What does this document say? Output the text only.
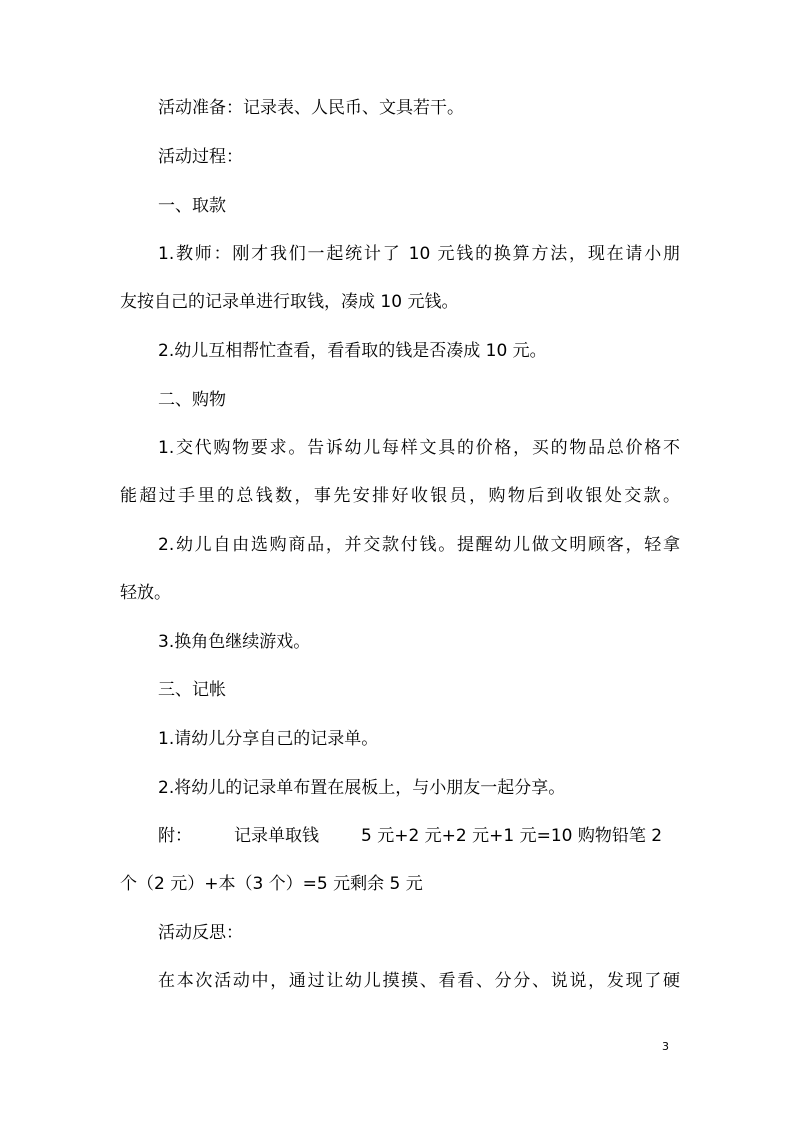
活动准备：记录表、人民币、文具若干。

活动过程：

一、取款

1.教师：刚才我们一起统计了 10 元钱的换算方法，现在请小朋

友按自己的记录单进行取钱，凑成 10 元钱。

2.幼儿互相帮忙查看，看看取的钱是否凑成 10 元。

二、购物

1.交代购物要求。告诉幼儿每样文具的价格，买的物品总价格不

能超过手里的总钱数，事先安排好收银员，购物后到收银处交款。

2.幼儿自由选购商品，并交款付钱。提醒幼儿做文明顾客，轻拿

轻放。

3.换角色继续游戏。

三、记帐

1.请幼儿分享自己的记录单。

2.将幼儿的记录单布置在展板上，与小朋友一起分享。

附： 记录单取钱 5 元+2 元+2 元+1 元=10 购物铅笔 2

个（2 元）+本（3 个）=5 元剩余 5 元

活动反思：

在本次活动中，通过让幼儿摸摸、看看、分分、说说，发现了硬

3
